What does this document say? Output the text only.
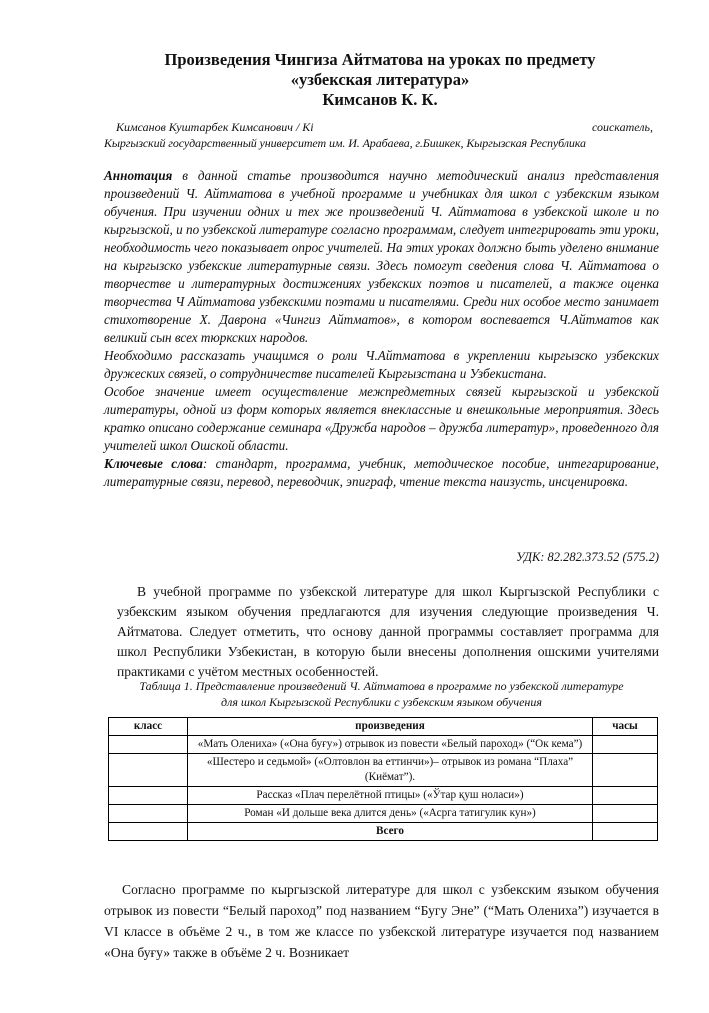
Произведения Чингиза Айтматова на уроках по предмету
«узбекская литература»
Кимсанов К. К.
Кимсанов Куштарбек Кимсанович / Ki	соискатель,
Кыргызский государственный университет им. И. Арабаева, г.Бишкек, Кыргызская Республика

Аннотация в данной статье производится научно методический анализ представления произведений Ч. Айтматова в учебной программе и учебниках для школ с узбекским языком обучения. При изучении одних и тех же произведений Ч. Айтматова в узбекской школе и по кыргызской, и по узбекской литературе согласно программам, следует интегрировать эти уроки, необходимость чего показывает опрос учителей. На этих уроках должно быть уделено внимание на кыргызско узбекские литературные связи. Здесь помогут сведения слова Ч. Айтматова о творчестве и литературных достижениях узбекских поэтов и писателей, а также оценка творчества Ч Айтматова узбекскими поэтами и писателями. Среди них особое место занимает стихотворение Х. Даврона «Чингиз Айтматов», в котором воспевается Ч.Айтматов как великий сын всех тюркских народов.

Необходимо рассказать учащимся о роли Ч.Айтматова в укреплении кыргызско узбекских дружеских связей, о сотрудничестве писателей Кыргызстана и Узбекистана.

Особое значение имеет осуществление межпредметных связей кыргызской и узбекской литературы, одной из форм которых является внеклассные и внешкольные мероприятия. Здесь кратко описано содержание семинара «Дружба народов – дружба литератур», проведенного для учителей школ Ошской области.

Ключевые слова: стандарт, программа, учебник, методическое пособие, интегарирование, литературные связи, перевод, переводчик, эпиграф, чтение текста наизусть, инсценировка.

УДК: 82.282.373.52 (575.2)

В учебной программе по узбекской литературе для школ Кыргызской Республики с узбекским языком обучения предлагаются для изучения следующие произведения Ч. Айтматова. Следует отметить, что основу данной программы составляет программа для школ Республики Узбекистан, в которую были внесены дополнения ошскими учителями практиками с учётом местных особенностей.

Таблица 1. Представление произведений Ч. Айтматова в программе по узбекской литературе
для школ Кыргызской Республики с узбекским языком обучения
класс	произведения	часы
	«Мать Олениха» («Она буғу») отрывок из повести «Белый пароход» (“Ок кема”)	
	«Шестеро и седьмой» («Олтовлон ва еттинчи»)– отрывок из романа “Плаха” (Киёмат”).	
	Рассказ «Плач перелётной птицы» («Ўтар қуш ноласи»)	
	Роман «И дольше века длится день» («Асрга татигулик кун»)	
	Всего	

Согласно программе по кыргызской литературе для школ с узбекским языком обучения отрывок из повести “Белый пароход” под названием “Бугу Эне” (“Мать Олениха”) изучается в VI классе в объёме 2 ч., в том же классе по узбекской литературе изучается под названием «Она буғу» также в объёме 2 ч. Возникает
